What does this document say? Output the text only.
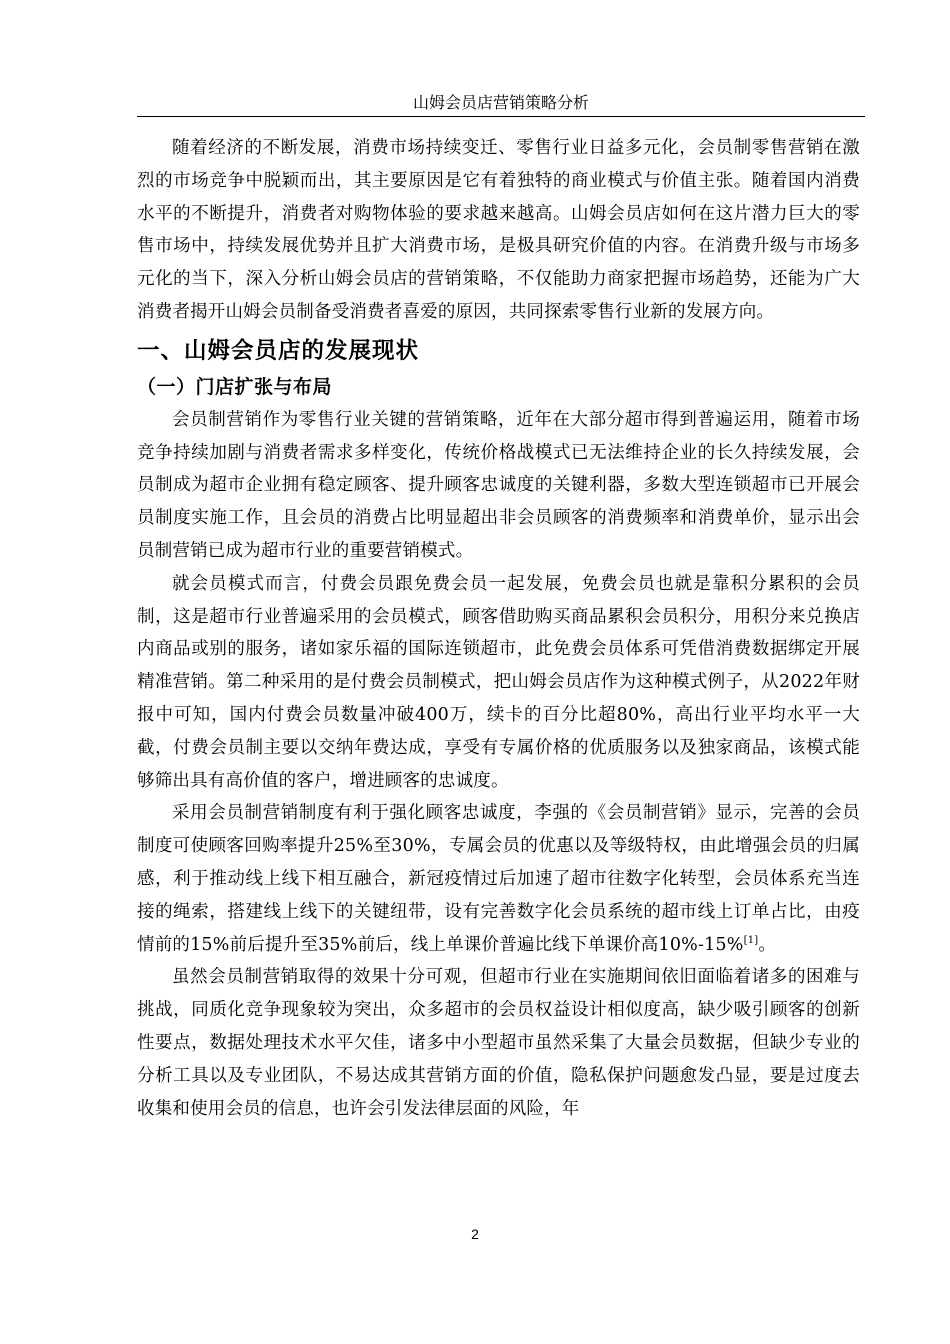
山姆会员店营销策略分析

随着经济的不断发展，消费市场持续变迁、零售行业日益多元化，会员制零售营销在激烈的市场竞争中脱颖而出，其主要原因是它有着独特的商业模式与价值主张。随着国内消费水平的不断提升，消费者对购物体验的要求越来越高。山姆会员店如何在这片潜力巨大的零售市场中，持续发展优势并且扩大消费市场，是极具研究价值的内容。在消费升级与市场多元化的当下，深入分析山姆会员店的营销策略，不仅能助力商家把握市场趋势，还能为广大消费者揭开山姆会员制备受消费者喜爱的原因，共同探索零售行业新的发展方向。

一、山姆会员店的发展现状
（一）门店扩张与布局

会员制营销作为零售行业关键的营销策略，近年在大部分超市得到普遍运用，随着市场竞争持续加剧与消费者需求多样变化，传统价格战模式已无法维持企业的长久持续发展，会员制成为超市企业拥有稳定顾客、提升顾客忠诚度的关键利器，多数大型连锁超市已开展会员制度实施工作，且会员的消费占比明显超出非会员顾客的消费频率和消费单价，显示出会员制营销已成为超市行业的重要营销模式。

就会员模式而言，付费会员跟免费会员一起发展，免费会员也就是靠积分累积的会员制，这是超市行业普遍采用的会员模式，顾客借助购买商品累积会员积分，用积分来兑换店内商品或别的服务，诸如家乐福的国际连锁超市，此免费会员体系可凭借消费数据绑定开展精准营销。第二种采用的是付费会员制模式，把山姆会员店作为这种模式例子，从2022年财报中可知，国内付费会员数量冲破400万，续卡的百分比超80%，高出行业平均水平一大截，付费会员制主要以交纳年费达成，享受有专属价格的优质服务以及独家商品，该模式能够筛出具有高价值的客户，增进顾客的忠诚度。

采用会员制营销制度有利于强化顾客忠诚度，李强的《会员制营销》显示，完善的会员制度可使顾客回购率提升25%至30%，专属会员的优惠以及等级特权，由此增强会员的归属感，利于推动线上线下相互融合，新冠疫情过后加速了超市往数字化转型，会员体系充当连接的绳索，搭建线上线下的关键纽带，设有完善数字化会员系统的超市线上订单占比，由疫情前的15%前后提升至35%前后，线上单课价普遍比线下单课价高10%-15%[1]。

虽然会员制营销取得的效果十分可观，但超市行业在实施期间依旧面临着诸多的困难与挑战，同质化竞争现象较为突出，众多超市的会员权益设计相似度高，缺少吸引顾客的创新性要点，数据处理技术水平欠佳，诸多中小型超市虽然采集了大量会员数据，但缺少专业的分析工具以及专业团队，不易达成其营销方面的价值，隐私保护问题愈发凸显，要是过度去收集和使用会员的信息，也许会引发法律层面的风险，年

2
